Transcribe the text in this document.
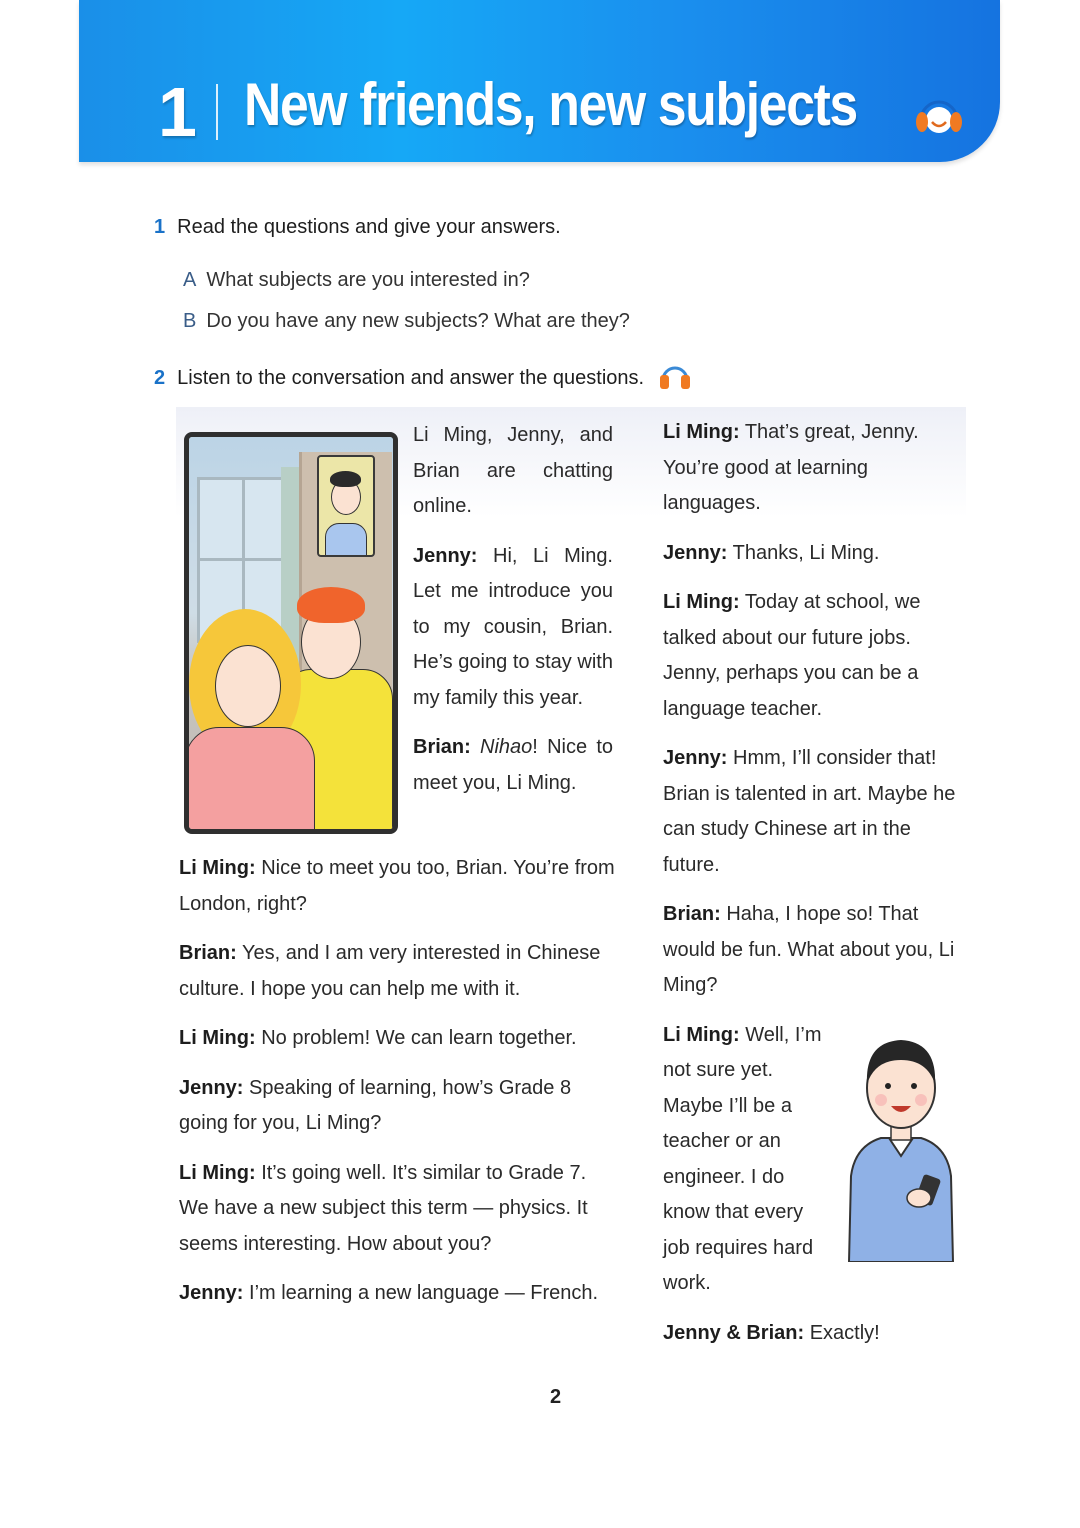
1 New friends, new subjects
1 Read the questions and give your answers.
A What subjects are you interested in?
B Do you have any new subjects? What are they?
2 Listen to the conversation and answer the questions.
Li Ming, Jenny, and Brian are chatting online.
Jenny: Hi, Li Ming. Let me introduce you to my cousin, Brian. He’s going to stay with my family this year.
Brian: Nihao! Nice to meet you, Li Ming.
Li Ming: Nice to meet you too, Brian. You’re from London, right?
Brian: Yes, and I am very interested in Chinese culture. I hope you can help me with it.
Li Ming: No problem! We can learn together.
Jenny: Speaking of learning, how’s Grade 8 going for you, Li Ming?
Li Ming: It’s going well. It’s similar to Grade 7. We have a new subject this term — physics. It seems interesting. How about you?
Jenny: I’m learning a new language — French.
Li Ming: That’s great, Jenny. You’re good at learning languages.
Jenny: Thanks, Li Ming.
Li Ming: Today at school, we talked about our future jobs. Jenny, perhaps you can be a language teacher.
Jenny: Hmm, I’ll consider that! Brian is talented in art. Maybe he can study Chinese art in the future.
Brian: Haha, I hope so! That would be fun. What about you, Li Ming?
Li Ming: Well, I’m not sure yet. Maybe I’ll be a teacher or an engineer. I do know that every job requires hard work.
Jenny & Brian: Exactly!
2
